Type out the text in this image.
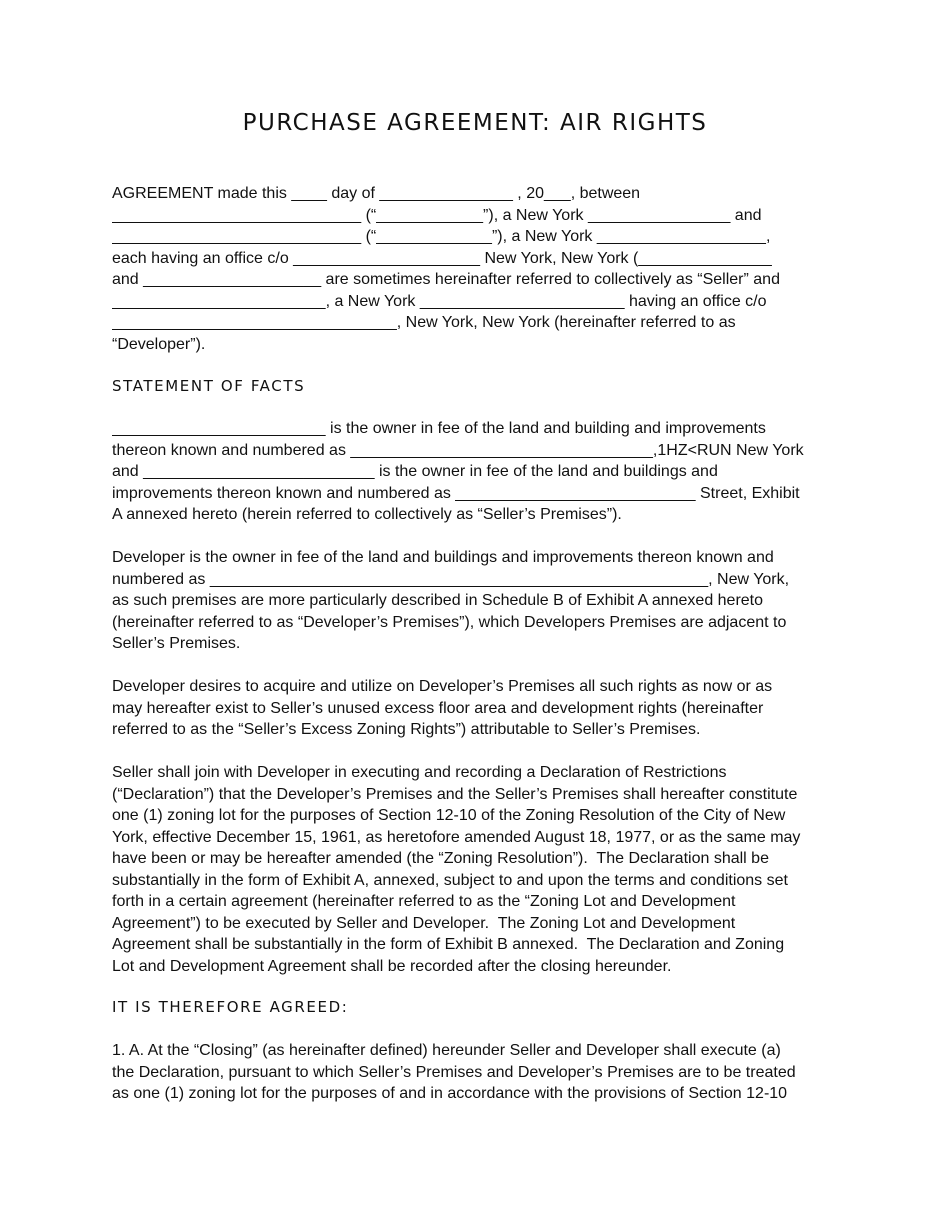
PURCHASE AGREEMENT: AIR RIGHTS
AGREEMENT made this ____ day of _______________ , 20___, between
____________________________ (“____________”), a New York ________________ and
____________________________ (“_____________”), a New York ___________________,
each having an office c/o _____________________ New York, New York (_______________
and ____________________ are sometimes hereinafter referred to collectively as “Seller” and
________________________, a New York _______________________ having an office c/o
________________________________, New York, New York (hereinafter referred to as
“Developer”).
STATEMENT OF FACTS
________________________ is the owner in fee of the land and building and improvements
thereon known and numbered as __________________________________,1HZ<RUN New York
and __________________________ is the owner in fee of the land and buildings and
improvements thereon known and numbered as ___________________________ Street, Exhibit
A annexed hereto (herein referred to collectively as “Seller’s Premises”).
Developer is the owner in fee of the land and buildings and improvements thereon known and
numbered as ________________________________________________________, New York,
as such premises are more particularly described in Schedule B of Exhibit A annexed hereto
(hereinafter referred to as “Developer’s Premises”), which Developers Premises are adjacent to
Seller’s Premises.
Developer desires to acquire and utilize on Developer’s Premises all such rights as now or as
may hereafter exist to Seller’s unused excess floor area and development rights (hereinafter
referred to as the “Seller’s Excess Zoning Rights”) attributable to Seller’s Premises.
Seller shall join with Developer in executing and recording a Declaration of Restrictions
(“Declaration”) that the Developer’s Premises and the Seller’s Premises shall hereafter constitute
one (1) zoning lot for the purposes of Section 12-10 of the Zoning Resolution of the City of New
York, effective December 15, 1961, as heretofore amended August 18, 1977, or as the same may
have been or may be hereafter amended (the “Zoning Resolution”).  The Declaration shall be
substantially in the form of Exhibit A, annexed, subject to and upon the terms and conditions set
forth in a certain agreement (hereinafter referred to as the “Zoning Lot and Development
Agreement”) to be executed by Seller and Developer.  The Zoning Lot and Development
Agreement shall be substantially in the form of Exhibit B annexed.  The Declaration and Zoning
Lot and Development Agreement shall be recorded after the closing hereunder.
IT IS THEREFORE AGREED:
1. A. At the “Closing” (as hereinafter defined) hereunder Seller and Developer shall execute (a)
the Declaration, pursuant to which Seller’s Premises and Developer’s Premises are to be treated
as one (1) zoning lot for the purposes of and in accordance with the provisions of Section 12-10
